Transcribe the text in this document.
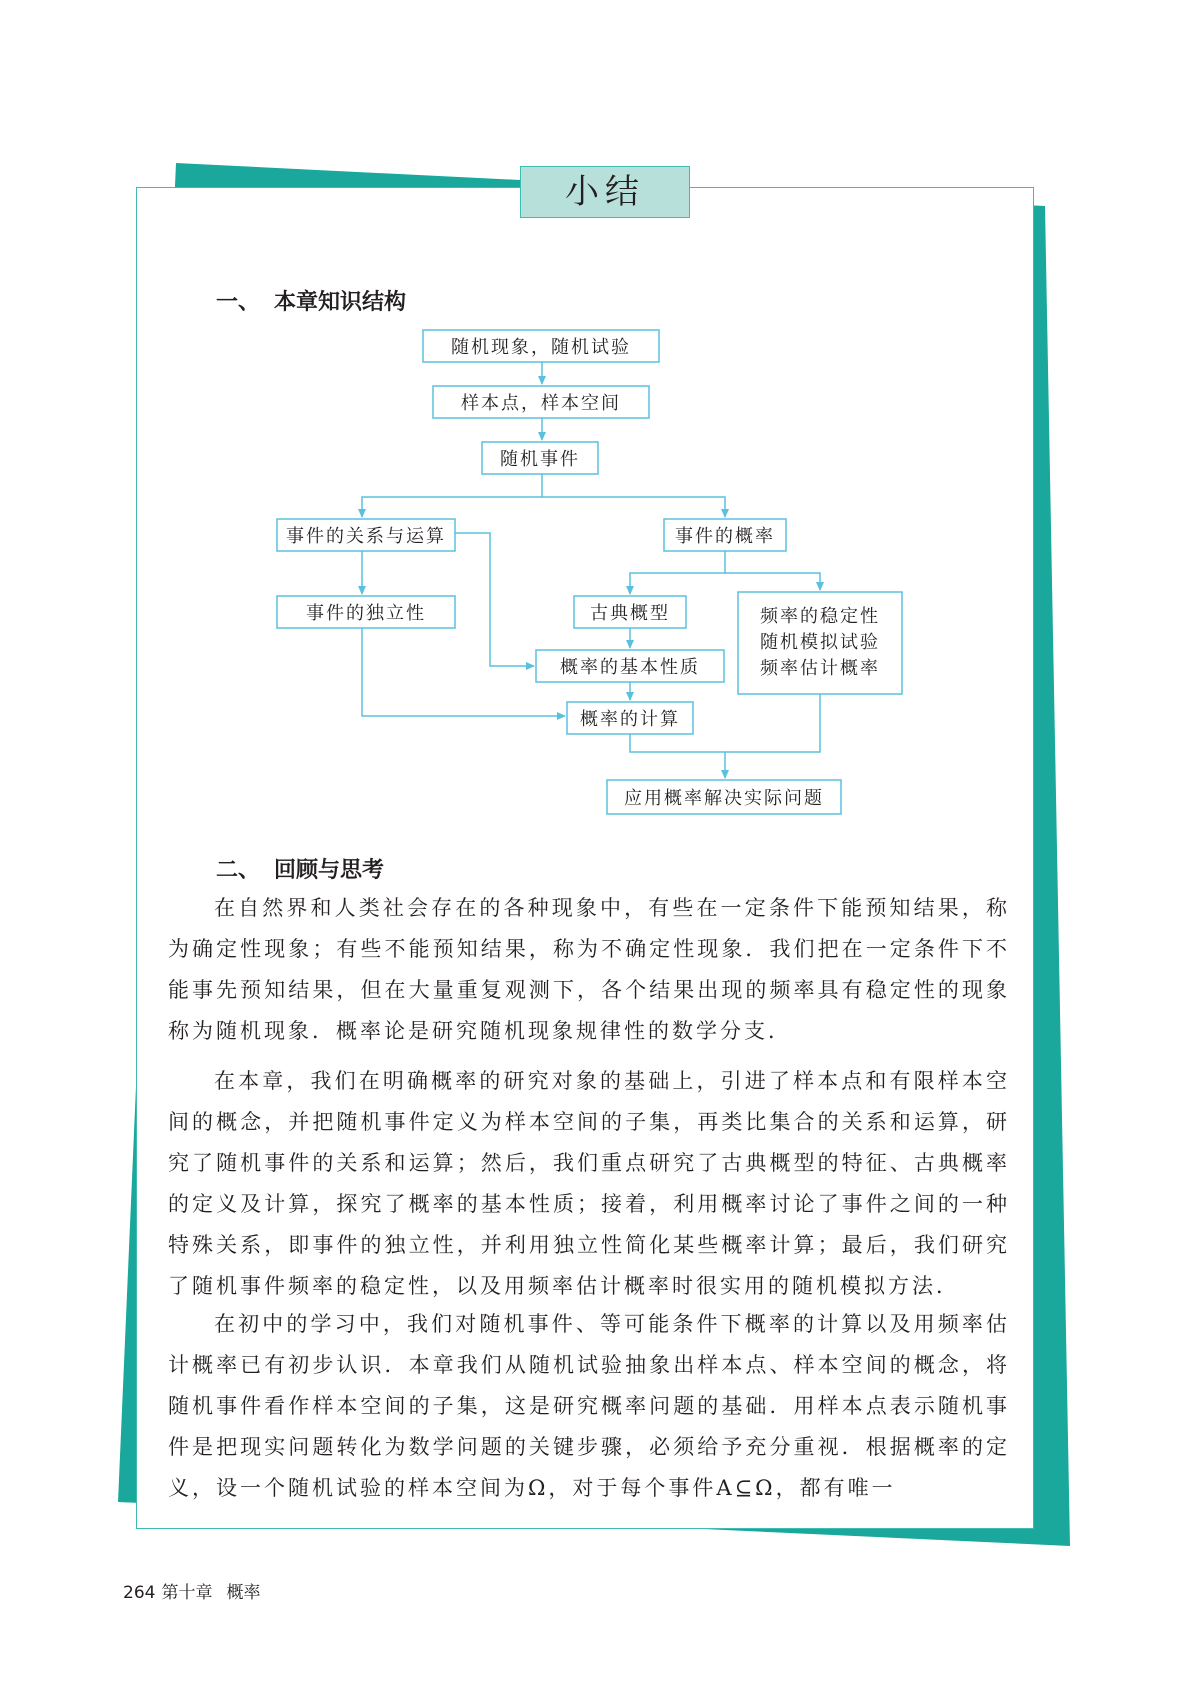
小结
一、 本章知识结构
随机现象，随机试验
样本点，样本空间
随机事件
事件的关系与运算	事件的概率
事件的独立性	古典概型	频率的稳定性
随机模拟试验
频率估计概率
概率的基本性质
概率的计算
应用概率解决实际问题
二、 回顾与思考

在自然界和人类社会存在的各种现象中，有些在一定条件下能预知结果，称为确定性现象；有些不能预知结果，称为不确定性现象．我们把在一定条件下不能事先预知结果，但在大量重复观测下，各个结果出现的频率具有稳定性的现象称为随机现象．概率论是研究随机现象规律性的数学分支．

在本章，我们在明确概率的研究对象的基础上，引进了样本点和有限样本空间的概念，并把随机事件定义为样本空间的子集，再类比集合的关系和运算，研究了随机事件的关系和运算；然后，我们重点研究了古典概型的特征、古典概率的定义及计算，探究了概率的基本性质；接着，利用概率讨论了事件之间的一种特殊关系，即事件的独立性，并利用独立性简化某些概率计算；最后，我们研究了随机事件频率的稳定性，以及用频率估计概率时很实用的随机模拟方法．

在初中的学习中，我们对随机事件、等可能条件下概率的计算以及用频率估计概率已有初步认识．本章我们从随机试验抽象出样本点、样本空间的概念，将随机事件看作样本空间的子集，这是研究概率问题的基础．用样本点表示随机事件是把现实问题转化为数学问题的关键步骤，必须给予充分重视．根据概率的定义，设一个随机试验的样本空间为Ω，对于每个事件A⊆Ω，都有唯一

264 第十章 概率
